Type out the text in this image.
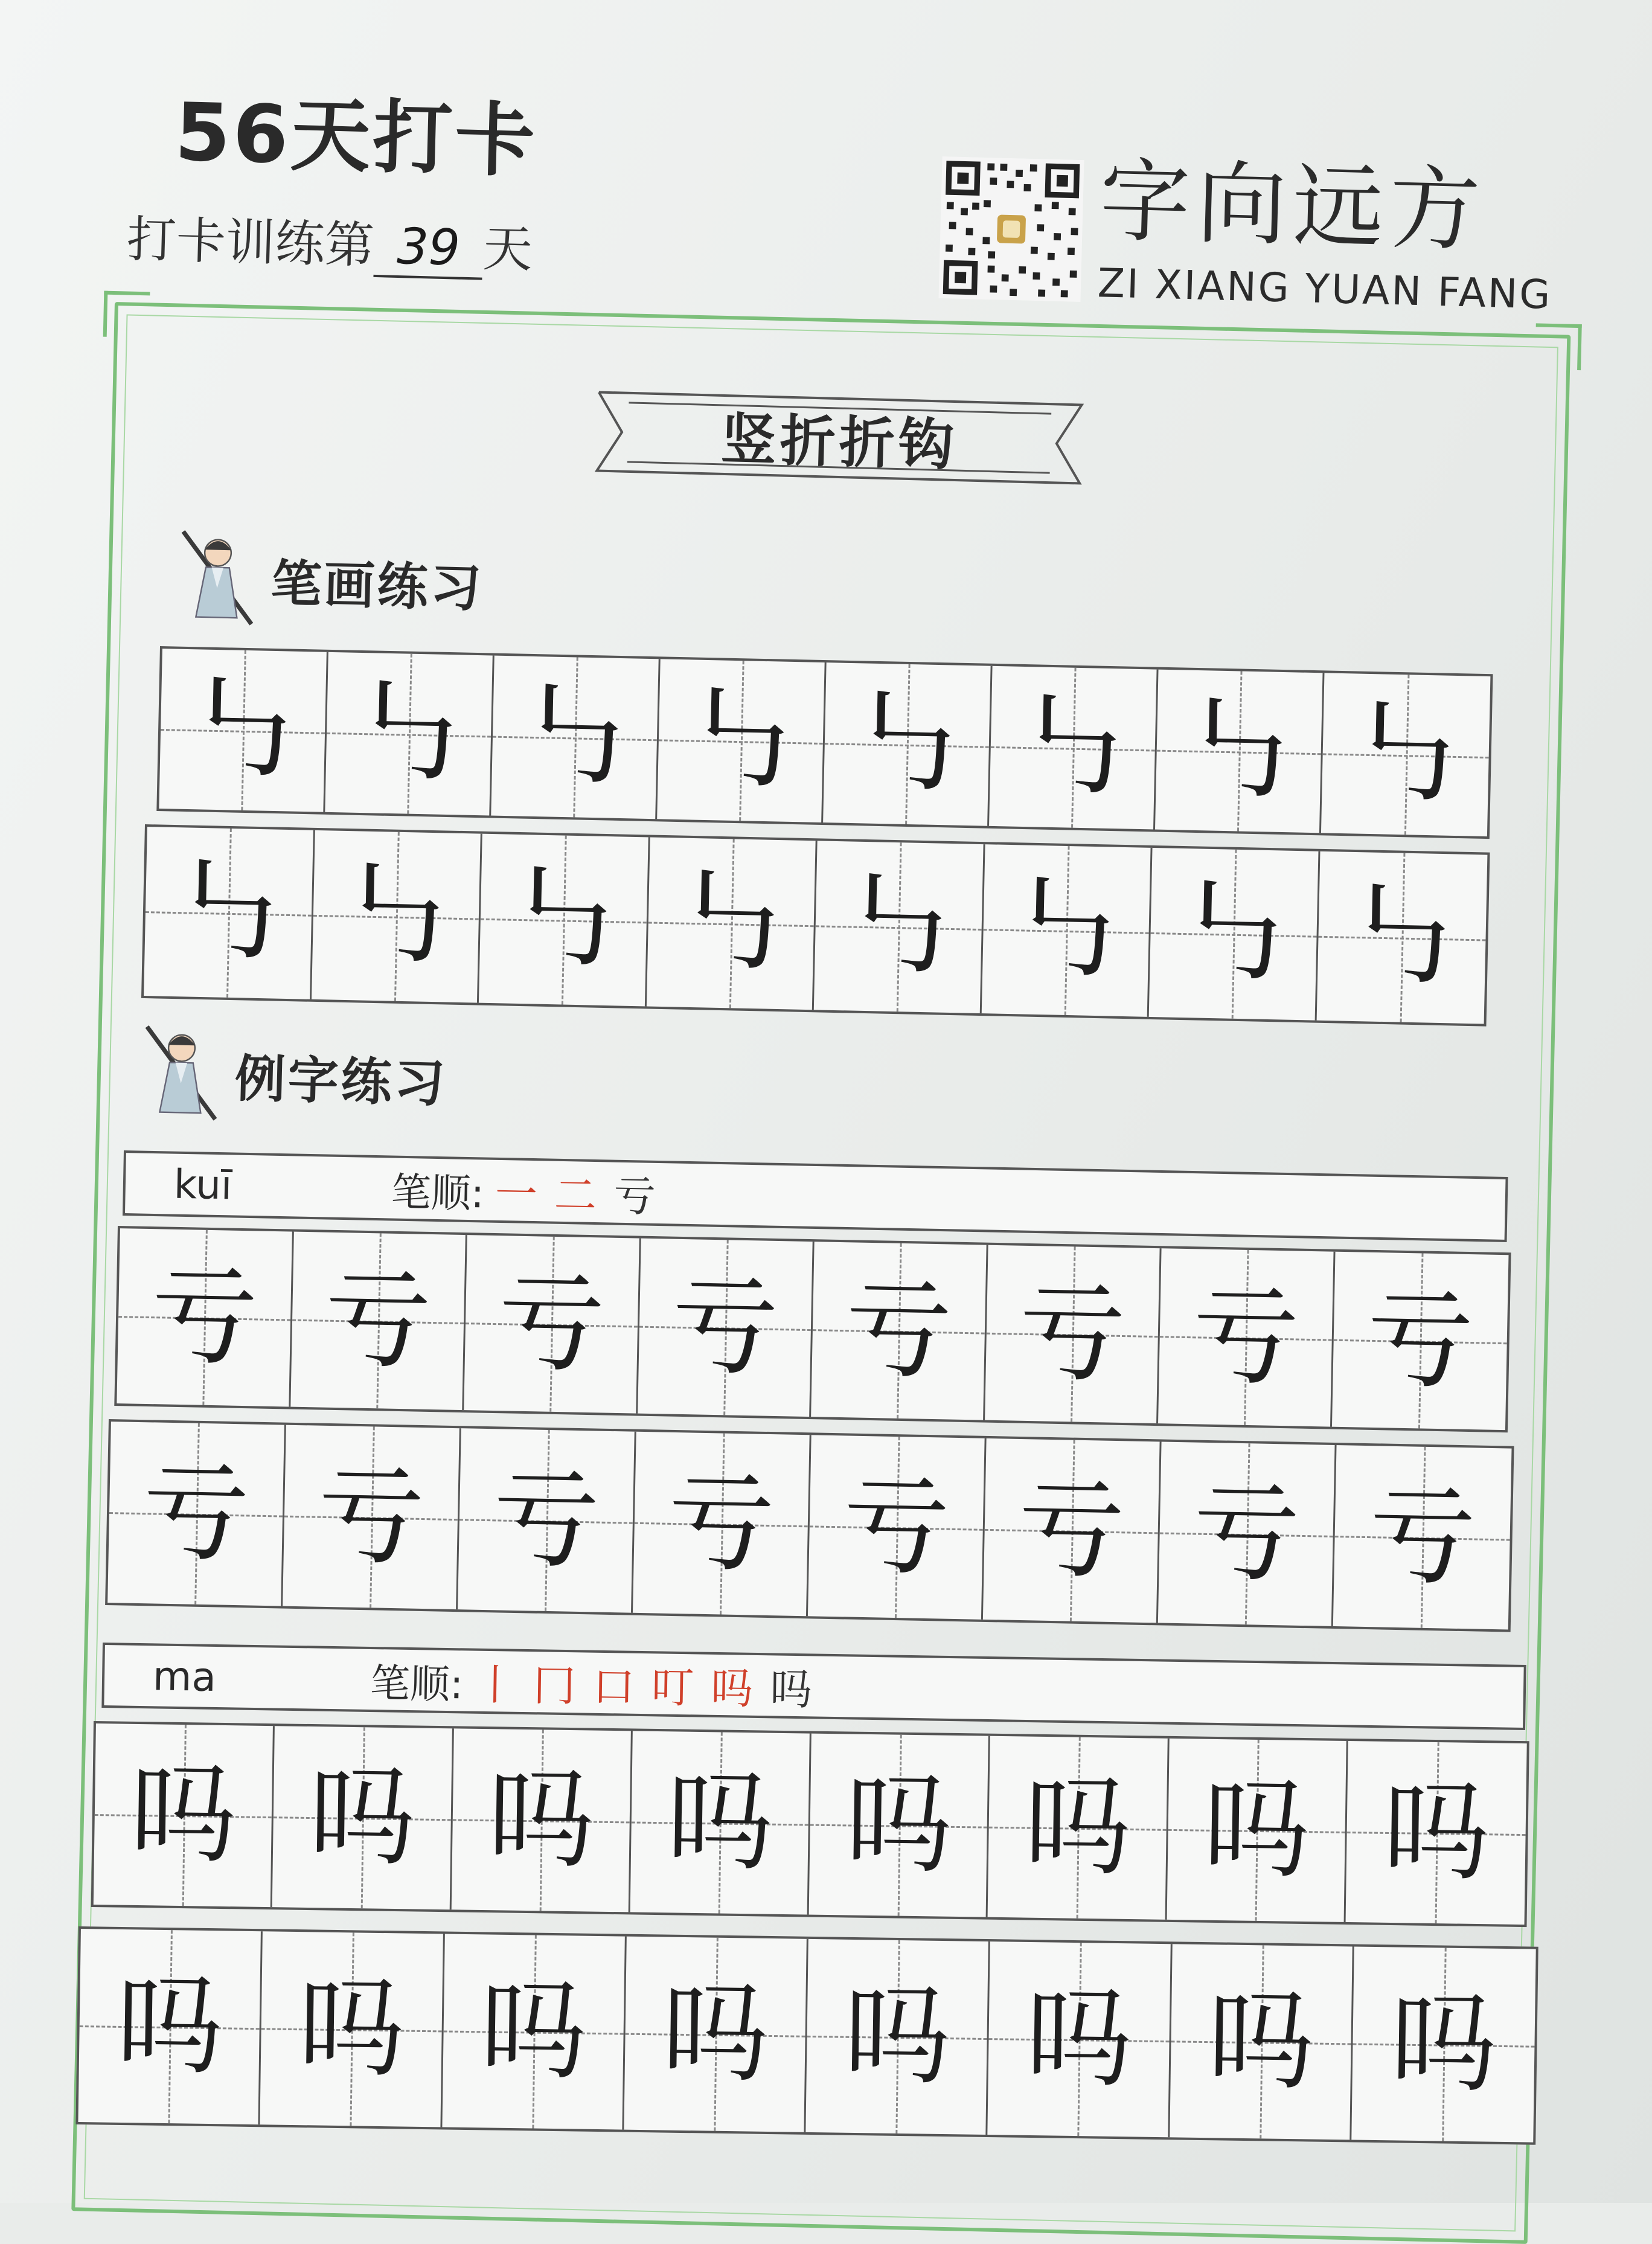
56天打卡
打卡训练第 39 天	字向远方
ZI XIANG YUAN FANG
竖折折钩
笔画练习
㇉ ㇉ ㇉ ㇉ ㇉ ㇉ ㇉ ㇉
㇉ ㇉ ㇉ ㇉ ㇉ ㇉ ㇉ ㇉
例字练习
kuī	笔顺: 一 二 亏
亏 亏 亏 亏 亏 亏 亏 亏
亏 亏 亏 亏 亏 亏 亏 亏
ma	笔顺: 丨 冂 口 叮 吗 吗
吗 吗 吗 吗 吗 吗 吗 吗
吗 吗 吗 吗 吗 吗 吗 吗
